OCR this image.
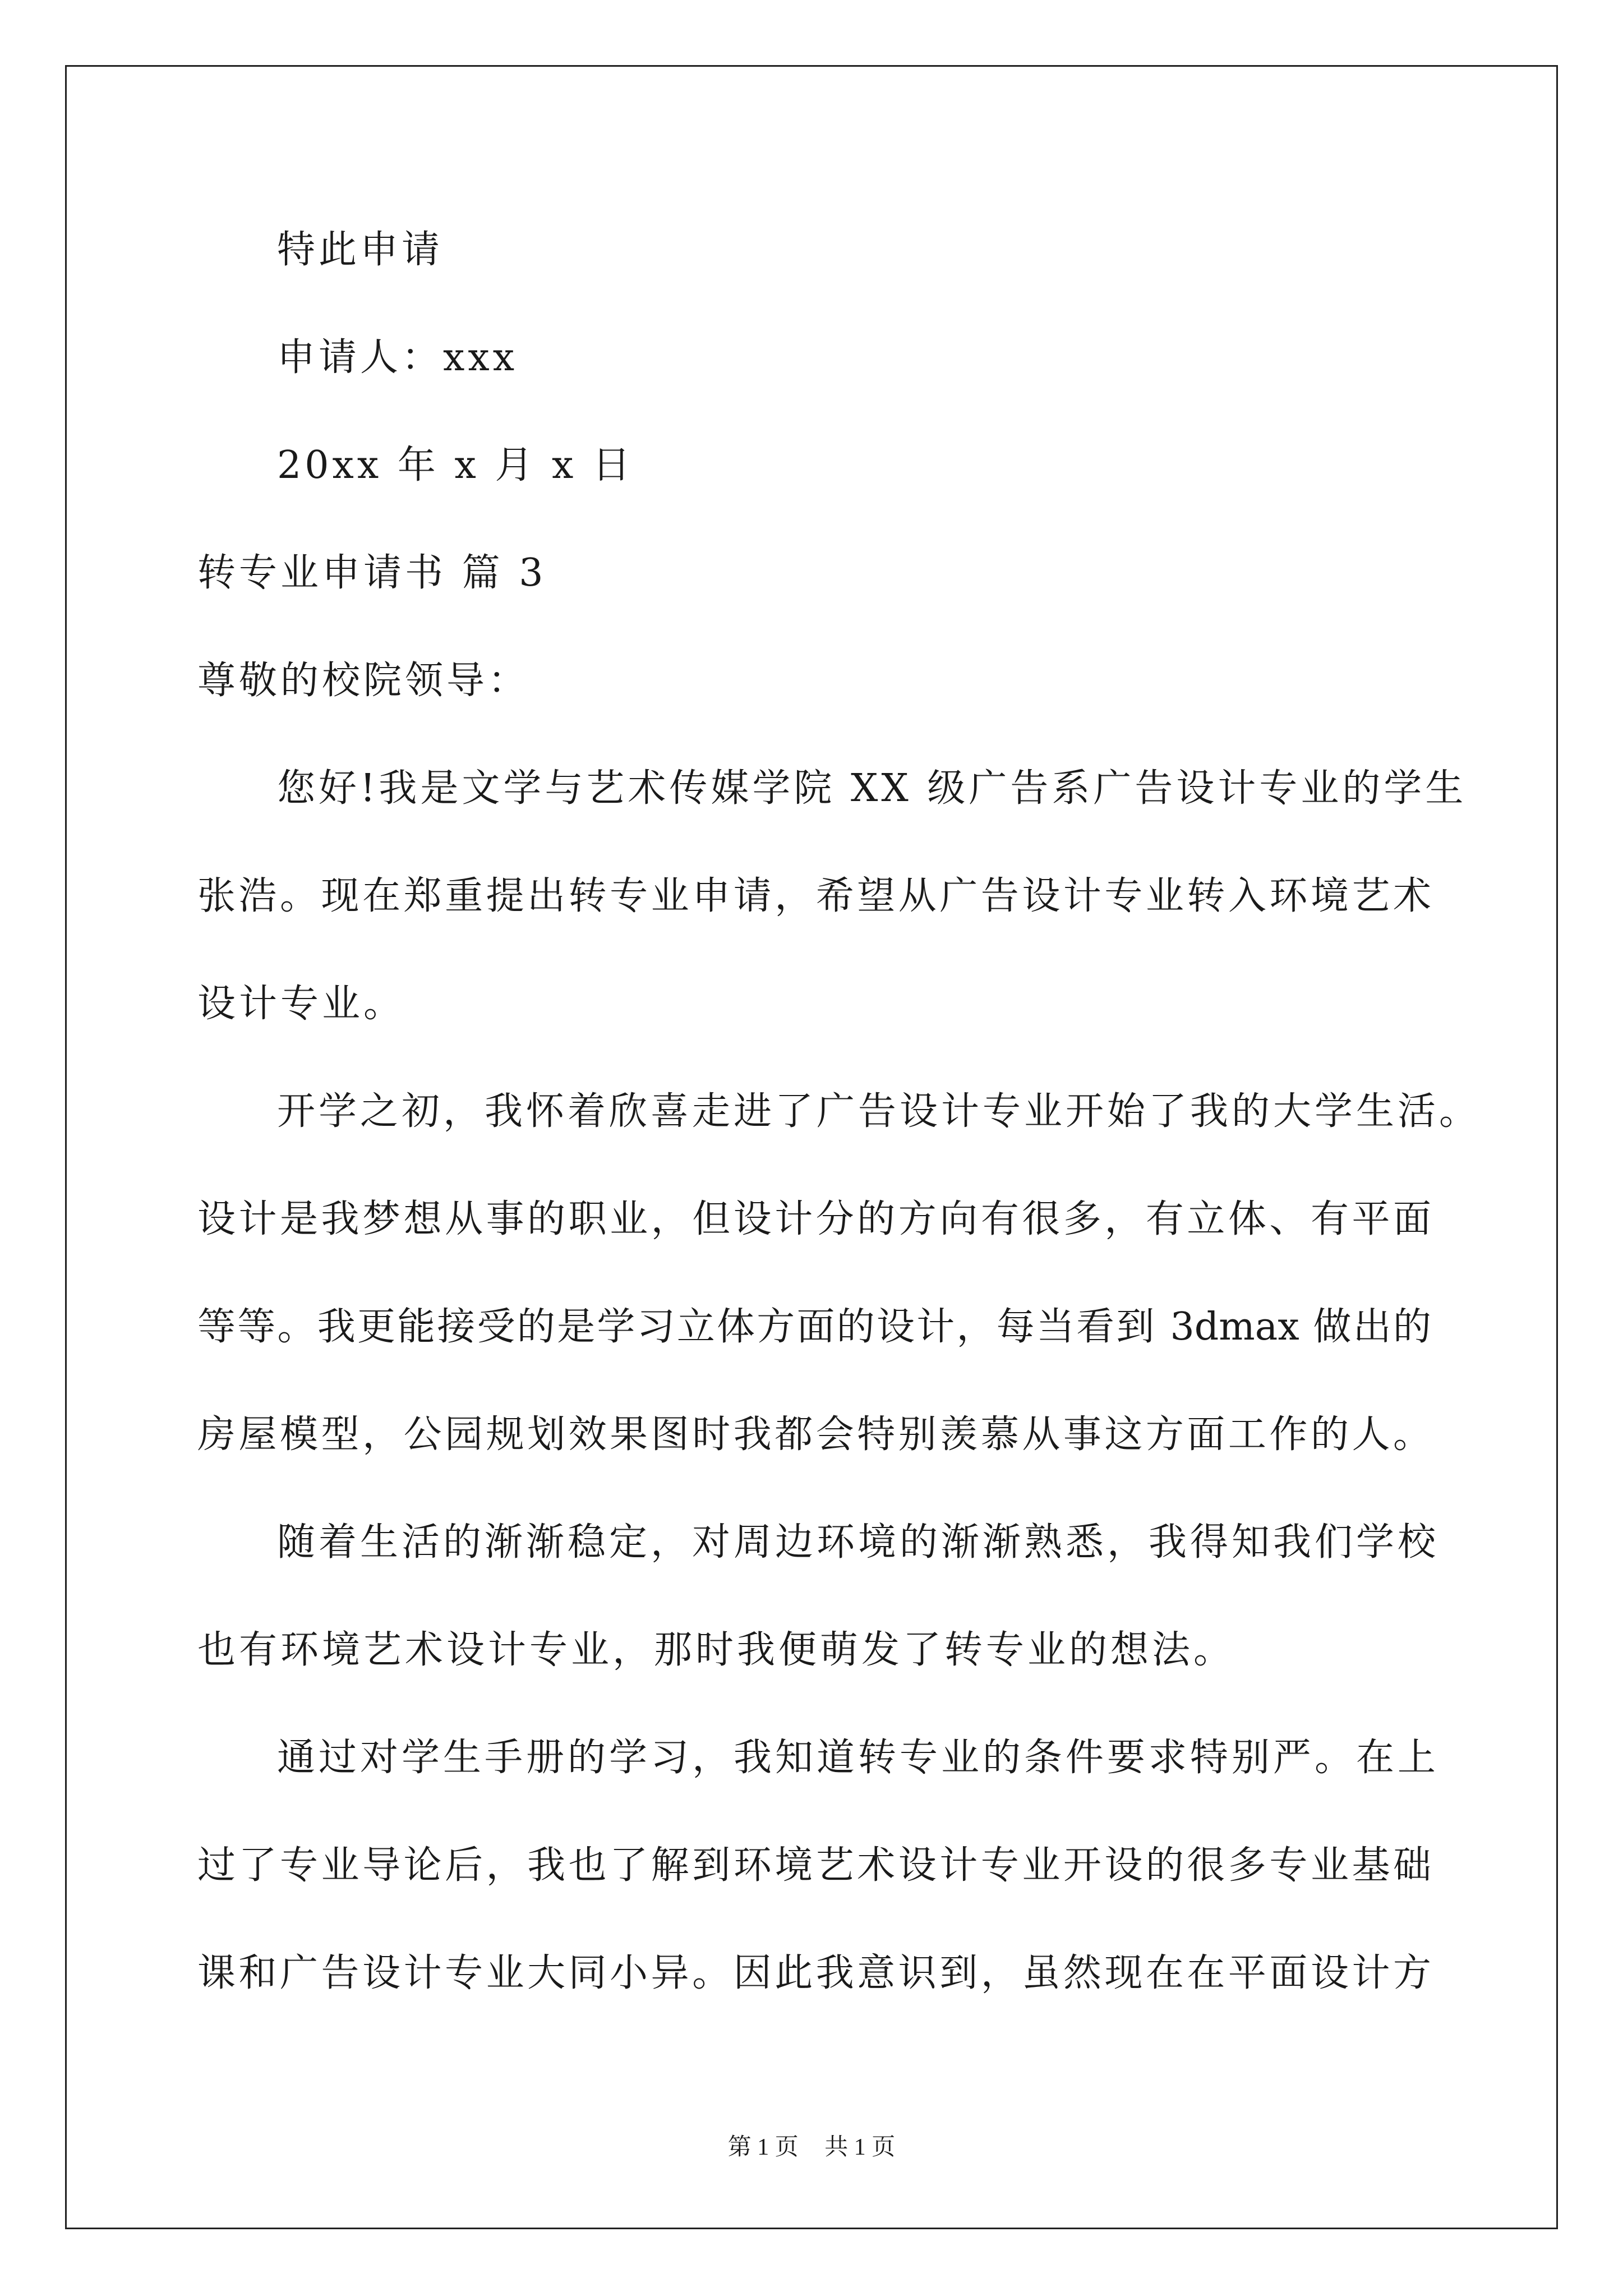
特此申请
申请人：xxx
20xx 年 x 月 x 日
转专业申请书 篇 3
尊敬的校院领导：
您好!我是文学与艺术传媒学院 XX 级广告系广告设计专业的学生
张浩。现在郑重提出转专业申请，希望从广告设计专业转入环境艺术
设计专业。
开学之初，我怀着欣喜走进了广告设计专业开始了我的大学生活。
设计是我梦想从事的职业，但设计分的方向有很多，有立体、有平面
等等。我更能接受的是学习立体方面的设计，每当看到 3dmax 做出的
房屋模型，公园规划效果图时我都会特别羡慕从事这方面工作的人。
随着生活的渐渐稳定，对周边环境的渐渐熟悉，我得知我们学校
也有环境艺术设计专业，那时我便萌发了转专业的想法。
通过对学生手册的学习，我知道转专业的条件要求特别严。在上
过了专业导论后，我也了解到环境艺术设计专业开设的很多专业基础
课和广告设计专业大同小异。因此我意识到，虽然现在在平面设计方
第 1 页 共 1 页
